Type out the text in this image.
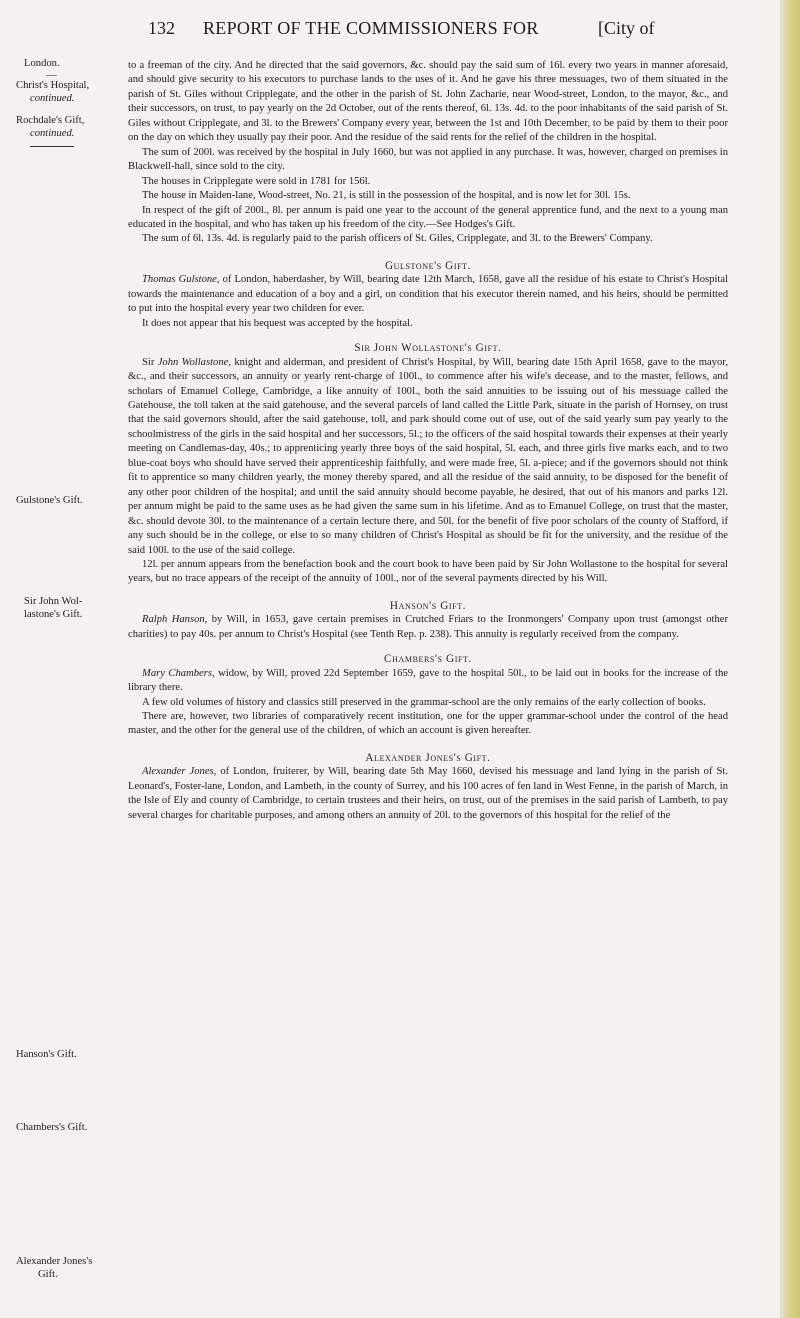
132 REPORT OF THE COMMISSIONERS FOR	[City of
London.
—
Christ's Hospital,
continued.
Rochdale's Gift,
continued.
Gulstone's Gift.
Sir John Wol-
lastone's Gift.
Hanson's Gift.
Chambers's Gift.
Alexander Jones's
Gift.

to a freeman of the city. And he directed that the said governors, &c. should pay the said sum of 16l. every two years in manner aforesaid, and should give security to his executors to purchase lands to the uses of it. And he gave his three messuages, two of them situated in the parish of St. Giles without Cripplegate, and the other in the parish of St. John Zacharie, near Wood-street, London, to the mayor, &c., and their successors, on trust, to pay yearly on the 2d October, out of the rents thereof, 6l. 13s. 4d. to the poor inhabitants of the said parish of St. Giles without Cripplegate, and 3l. to the Brewers' Company every year, between the 1st and 10th December, to be paid by them to their poor on the day on which they usually pay their poor. And the residue of the said rents for the relief of the children in the hospital.

The sum of 200l. was received by the hospital in July 1660, but was not applied in any purchase. It was, however, charged on premises in Blackwell-hall, since sold to the city.

The houses in Cripplegate were sold in 1781 for 156l.

The house in Maiden-lane, Wood-street, No. 21, is still in the possession of the hospital, and is now let for 30l. 15s.

In respect of the gift of 200l., 8l. per annum is paid one year to the account of the general apprentice fund, and the next to a young man educated in the hospital, and who has taken up his freedom of the city.—See Hodges's Gift.

The sum of 6l. 13s. 4d. is regularly paid to the parish officers of St. Giles, Cripplegate, and 3l. to the Brewers' Company.

Gulstone's Gift.

Thomas Gulstone, of London, haberdasher, by Will, bearing date 12th March, 1658, gave all the residue of his estate to Christ's Hospital towards the maintenance and education of a boy and a girl, on condition that his executor therein named, and his heirs, should be permitted to put into the hospital every year two children for ever.

It does not appear that his bequest was accepted by the hospital.

Sir John Wollastone's Gift.

Sir John Wollastone, knight and alderman, and president of Christ's Hospital, by Will, bearing date 15th April 1658, gave to the mayor, &c., and their successors, an annuity or yearly rent-charge of 100l., to commence after his wife's decease, and to the master, fellows, and scholars of Emanuel College, Cambridge, a like annuity of 100l., both the said annuities to be issuing out of his messuage called the Gatehouse, the toll taken at the said gatehouse, and the several parcels of land called the Little Park, situate in the parish of Hornsey, on trust that the said governors should, after the said gatehouse, toll, and park should come out of use, out of the said yearly sum pay yearly to the schoolmistress of the girls in the said hospital and her successors, 5l.; to the officers of the said hospital towards their expenses at their yearly meeting on Candlemas-day, 40s.; to apprenticing yearly three boys of the said hospital, 5l. each, and three girls five marks each, and to two blue-coat boys who should have served their apprenticeship faithfully, and were made free, 5l. a-piece; and if the governors should not think fit to apprentice so many children yearly, the money thereby spared, and all the residue of the said annuity, to be disposed for the benefit of any other poor children of the hospital; and until the said annuity should become payable, he desired, that out of his manors and parks 12l. per annum might be paid to the same uses as he had given the same sum in his lifetime. And as to Emanuel College, on trust that the master, &c. should devote 30l. to the maintenance of a certain lecture there, and 50l. for the benefit of five poor scholars of the county of Stafford, if any such should be in the college, or else to so many children of Christ's Hospital as should be fit for the university, and the residue of the said 100l. to the use of the said college.

12l. per annum appears from the benefaction book and the court book to have been paid by Sir John Wollastone to the hospital for several years, but no trace appears of the receipt of the annuity of 100l., nor of the several payments directed by his Will.

Hanson's Gift.

Ralph Hanson, by Will, in 1653, gave certain premises in Crutched Friars to the Ironmongers' Company upon trust (amongst other charities) to pay 40s. per annum to Christ's Hospital (see Tenth Rep. p. 238). This annuity is regularly received from the company.

Chambers's Gift.

Mary Chambers, widow, by Will, proved 22d September 1659, gave to the hospital 50l., to be laid out in books for the increase of the library there.

A few old volumes of history and classics still preserved in the grammar-school are the only remains of the early collection of books.

There are, however, two libraries of comparatively recent institution, one for the upper grammar-school under the control of the head master, and the other for the general use of the children, of which an account is given hereafter.

Alexander Jones's Gift.

Alexander Jones, of London, fruiterer, by Will, bearing date 5th May 1660, devised his messuage and land lying in the parish of St. Leonard's, Foster-lane, London, and Lambeth, in the county of Surrey, and his 100 acres of fen land in West Fenne, in the parish of March, in the Isle of Ely and county of Cambridge, to certain trustees and their heirs, on trust, out of the premises in the said parish of Lambeth, to pay several charges for charitable purposes, and among others an annuity of 20l. to the governors of this hospital for the relief of the
